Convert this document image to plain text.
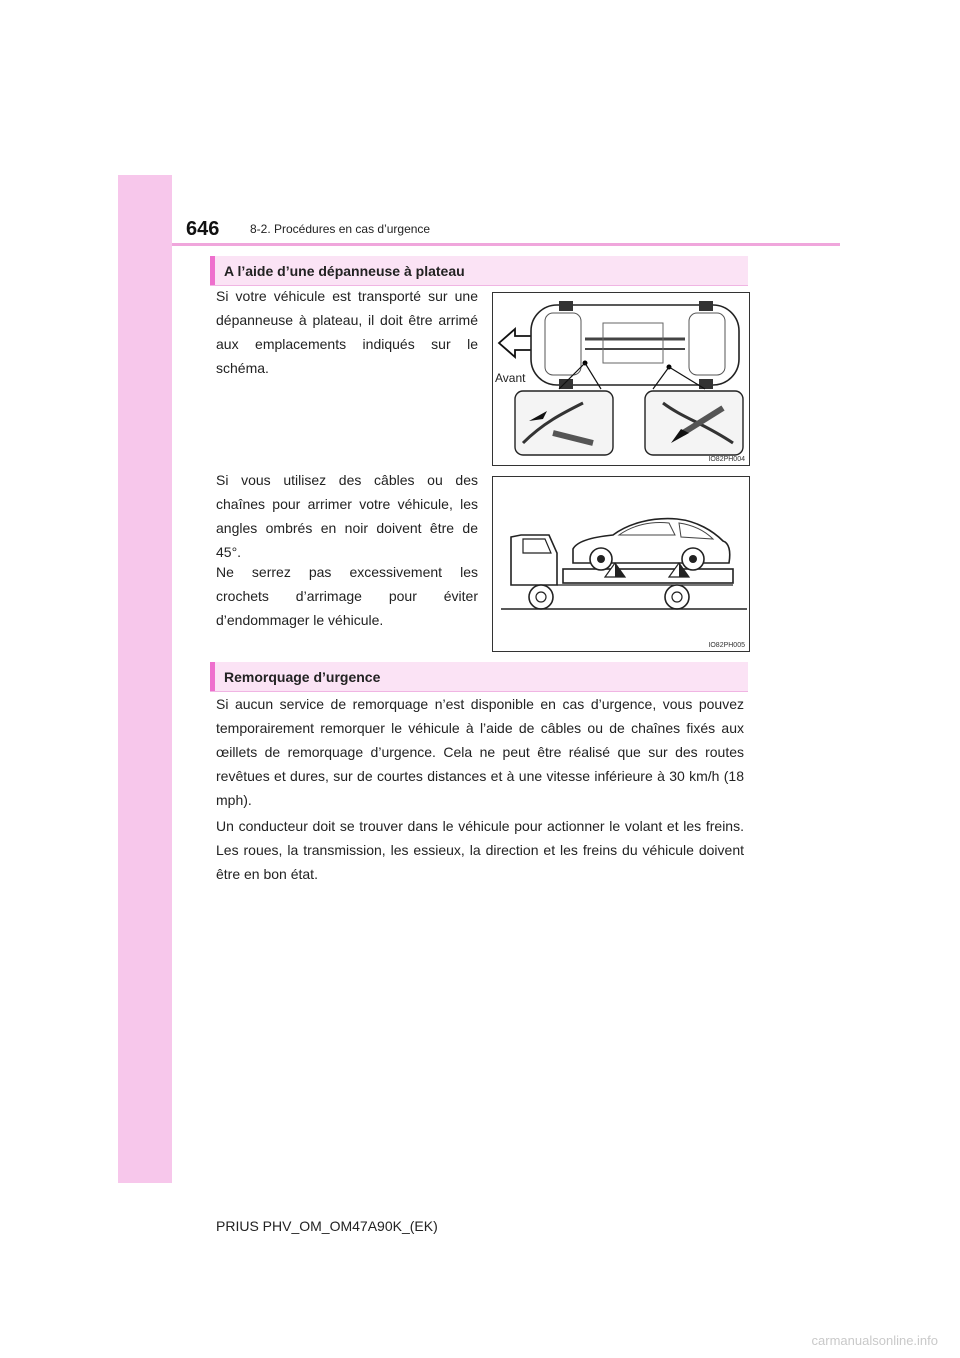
646	8-2. Procédures en cas d’urgence
A l’aide d’une dépanneuse à plateau

Si votre véhicule est transporté sur une dépanneuse à plateau, il doit être arrimé aux emplacements indiqués sur le schéma.

Si vous utilisez des câbles ou des chaînes pour arrimer votre véhicule, les angles ombrés en noir doivent être de 45°.

Ne serrez pas excessivement les crochets d’arrimage pour éviter d’endommager le véhicule.

Avant
IO82PH004
IO82PH005
Remorquage d’urgence

Si aucun service de remorquage n’est disponible en cas d’urgence, vous pouvez temporairement remorquer le véhicule à l’aide de câbles ou de chaînes fixés aux œillets de remorquage d’urgence. Cela ne peut être réalisé que sur des routes revêtues et dures, sur de courtes distances et à une vitesse inférieure à 30 km/h (18 mph).

Un conducteur doit se trouver dans le véhicule pour actionner le volant et les freins. Les roues, la transmission, les essieux, la direction et les freins du véhicule doivent être en bon état.

PRIUS PHV_OM_OM47A90K_(EK)
carmanualsonline.info
